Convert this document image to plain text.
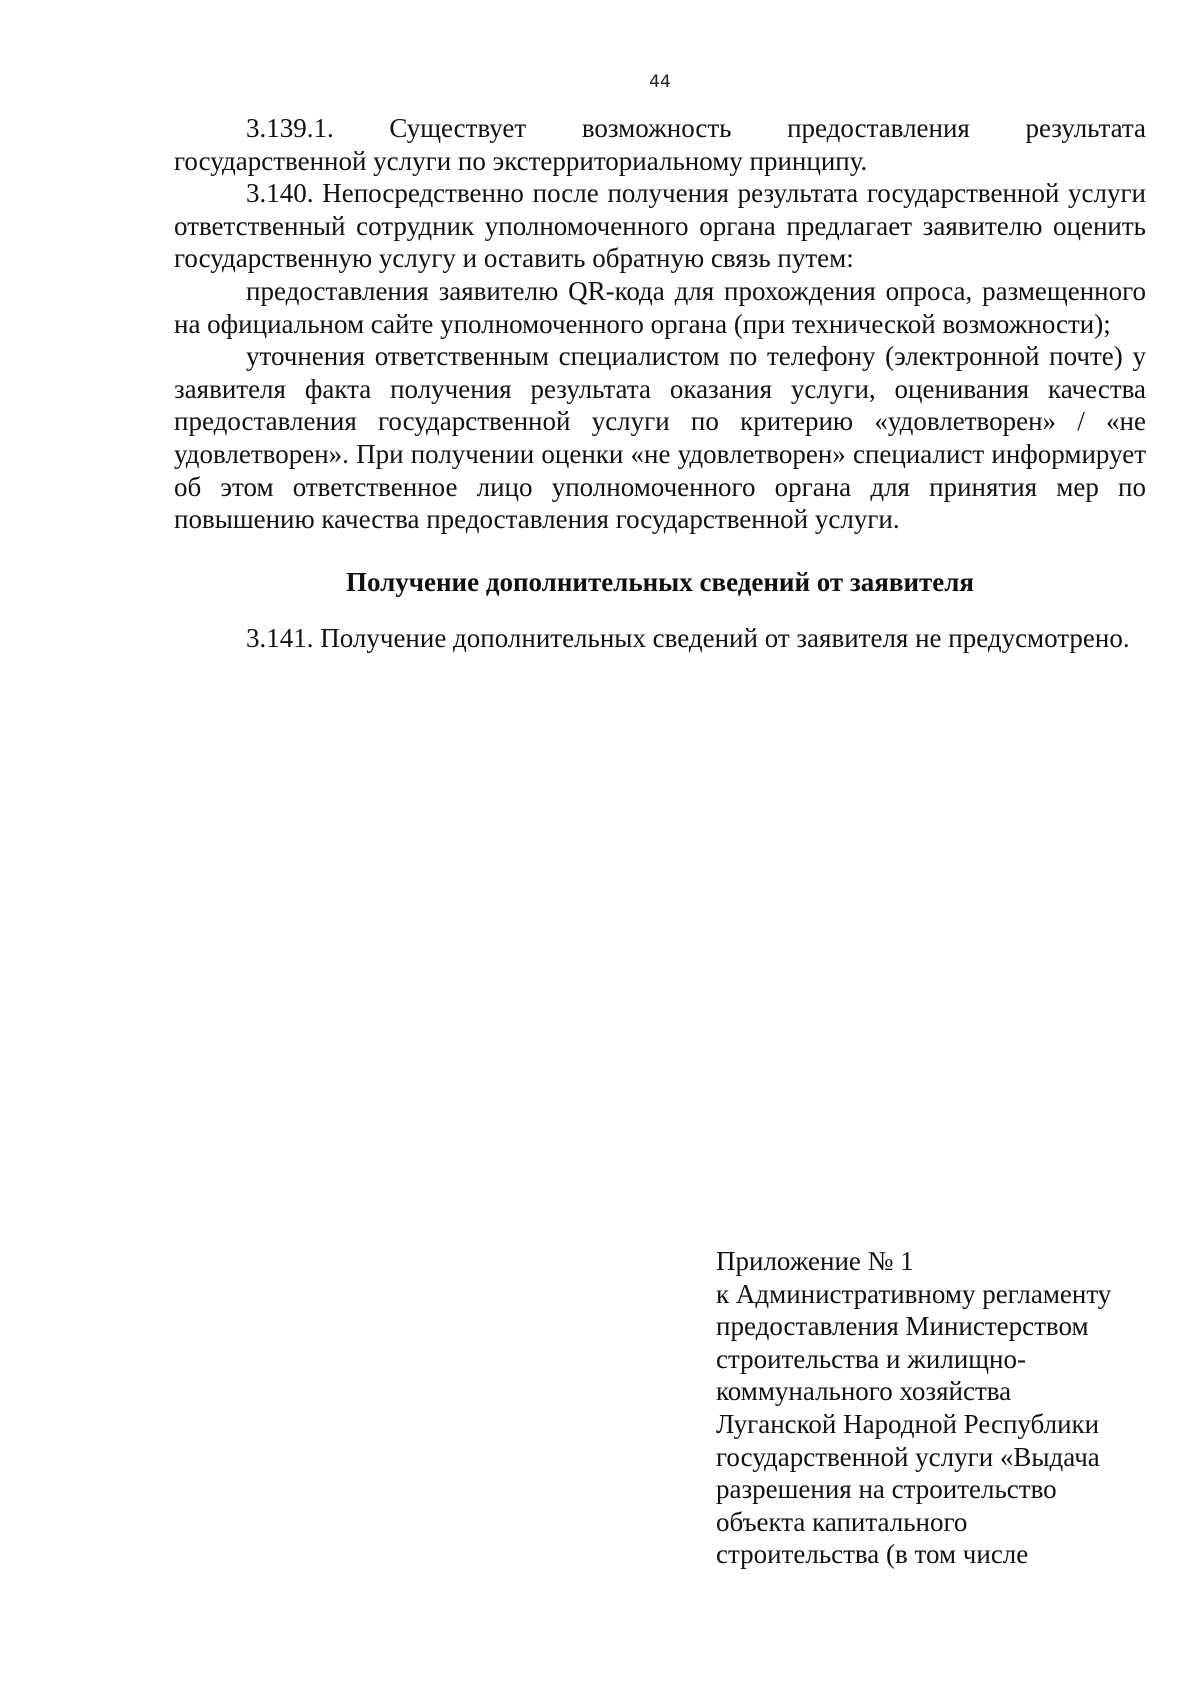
44

3.139.1. Существует возможность предоставления результата государственной услуги по экстерриториальному принципу.

3.140. Непосредственно после получения результата государственной услуги ответственный сотрудник уполномоченного органа предлагает заявителю оценить государственную услугу и оставить обратную связь путем:

предоставления заявителю QR-кода для прохождения опроса, размещенного на официальном сайте уполномоченного органа (при технической возможности);

уточнения ответственным специалистом по телефону (электронной почте) у заявителя факта получения результата оказания услуги, оценивания качества предоставления государственной услуги по критерию «удовлетворен» / «не удовлетворен». При получении оценки «не удовлетворен» специалист информирует об этом ответственное лицо уполномоченного органа для принятия мер по повышению качества предоставления государственной услуги.

Получение дополнительных сведений от заявителя

3.141. Получение дополнительных сведений от заявителя не предусмотрено.

Приложение № 1
к Административному регламенту
предоставления Министерством
строительства и жилищно-
коммунального хозяйства
Луганской Народной Республики
государственной услуги «Выдача
разрешения на строительство
объекта капитального
строительства (в том числе
